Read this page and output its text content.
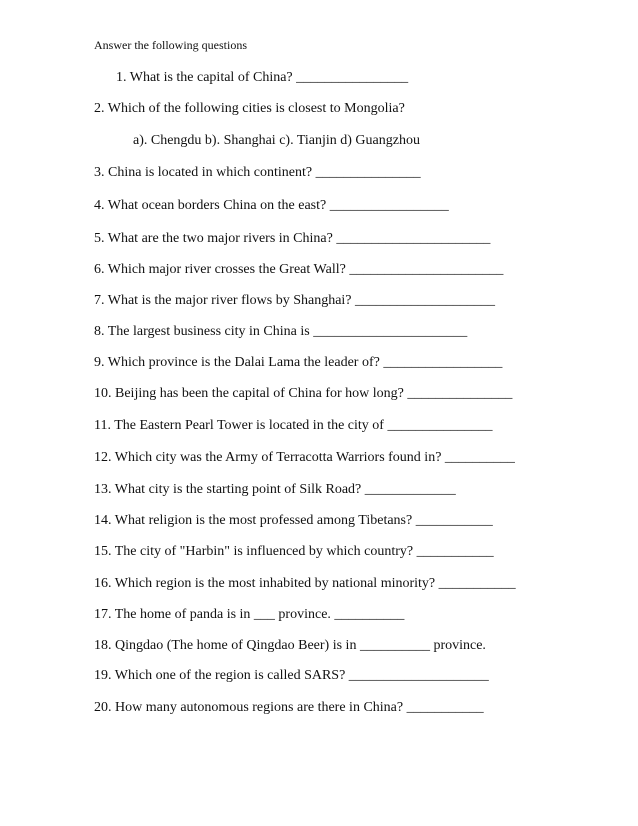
Answer the following questions
1. What is the capital of China? ________________
2. Which of the following cities is closest to Mongolia?
a). Chengdu b). Shanghai c). Tianjin d) Guangzhou
3. China is located in which continent? _______________
4. What ocean borders China on the east? _________________
5. What are the two major rivers in China? ______________________
6. Which major river crosses the Great Wall? ______________________
7. What is the major river flows by Shanghai? ____________________
8. The largest business city in China is ______________________
9. Which province is the Dalai Lama the leader of? _________________
10. Beijing has been the capital of China for how long? _______________
11. The Eastern Pearl Tower is located in the city of _______________
12. Which city was the Army of Terracotta Warriors found in? __________
13. What city is the starting point of Silk Road? _____________
14. What religion is the most professed among Tibetans? ___________
15. The city of "Harbin" is influenced by which country? ___________
16. Which region is the most inhabited by national minority? ___________
17. The home of panda is in ___ province. __________
18. Qingdao (The home of Qingdao Beer) is in __________ province.
19. Which one of the region is called SARS? ____________________
20. How many autonomous regions are there in China? ___________
